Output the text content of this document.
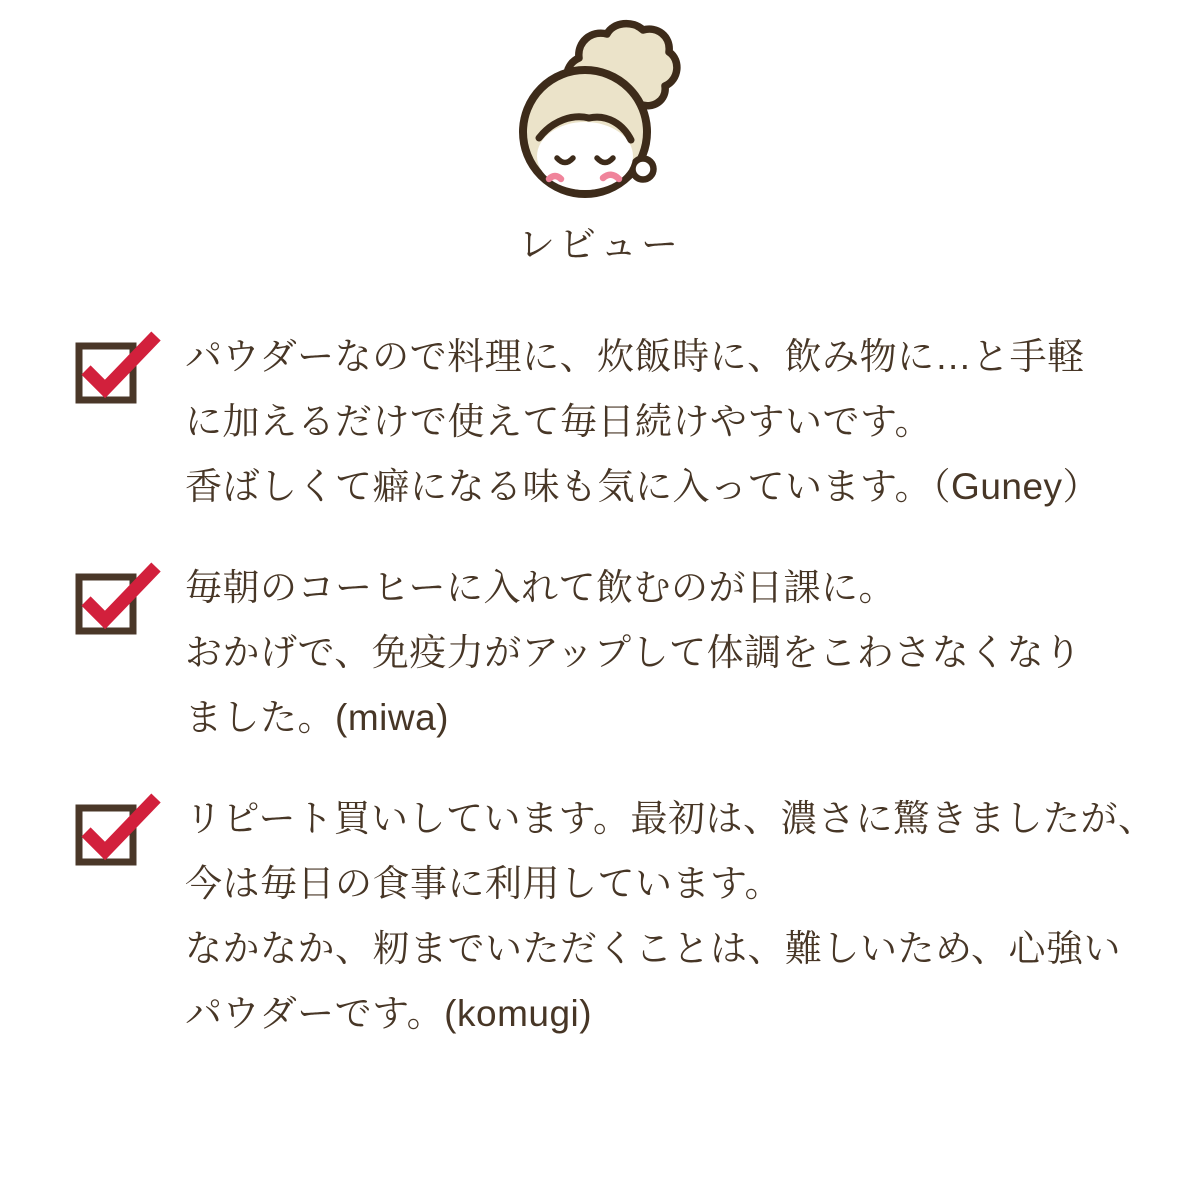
レビュー
パウダーなので料理に、炊飯時に、飲み物に…と手軽
に加えるだけで使えて毎日続けやすいです。
香ばしくて癖になる味も気に入っています。（Guney）
毎朝のコーヒーに入れて飲むのが日課に。
おかげで、免疫力がアップして体調をこわさなくなり
ました。(miwa)
リピート買いしています。最初は、濃さに驚きましたが、
今は毎日の食事に利用しています。
なかなか、籾までいただくことは、難しいため、心強い
パウダーです。(komugi)
